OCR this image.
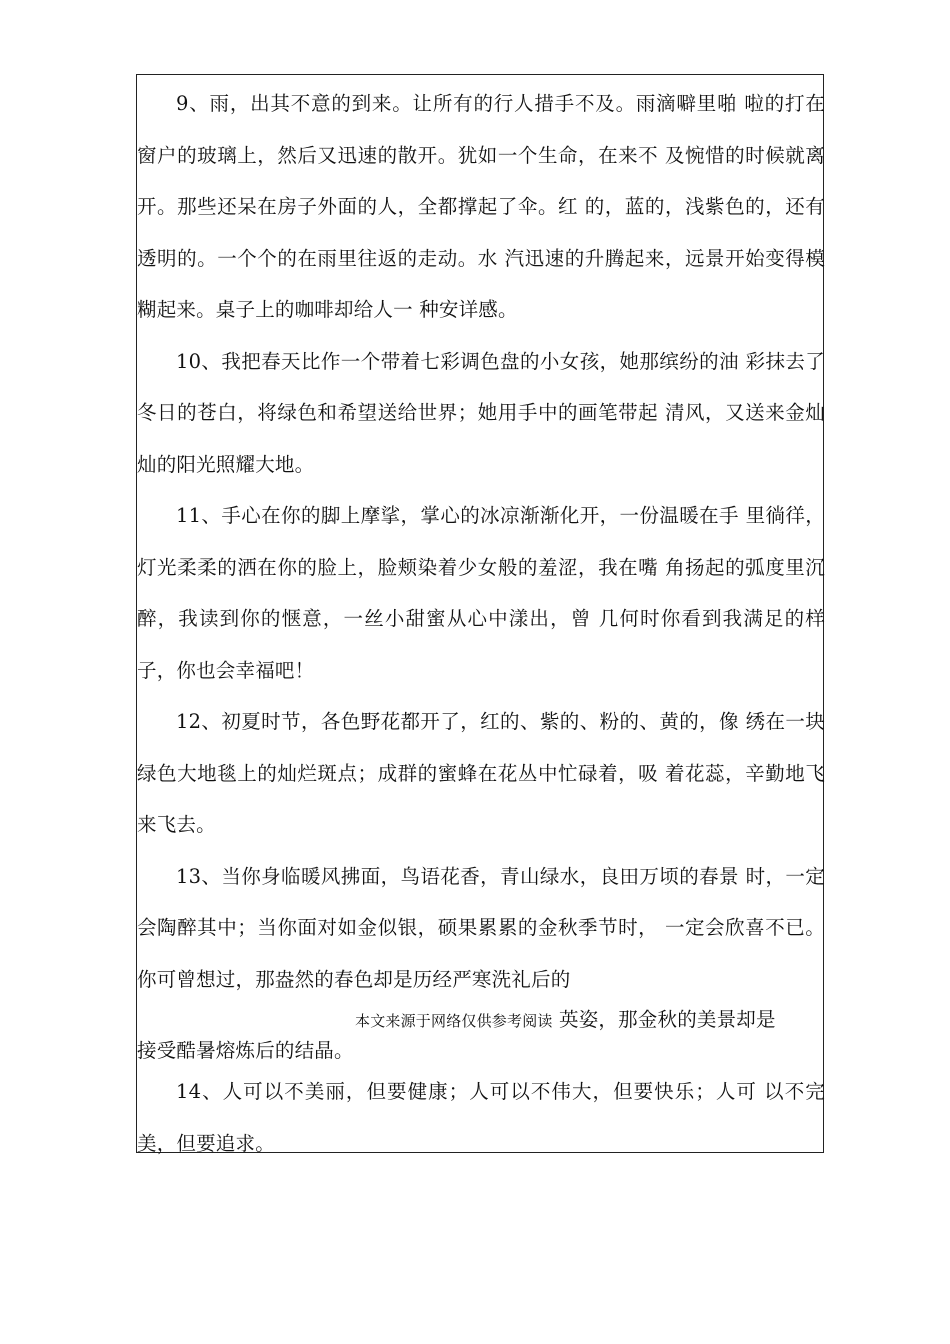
9、雨，出其不意的到来。让所有的行人措手不及。雨滴噼里啪 啦的打在窗户的玻璃上，然后又迅速的散开。犹如一个生命，在来不 及惋惜的时候就离开。那些还呆在房子外面的人，全都撑起了伞。红 的，蓝的，浅紫色的，还有透明的。一个个的在雨里往返的走动。水 汽迅速的升腾起来，远景开始变得模糊起来。桌子上的咖啡却给人一 种安详感。

10、我把春天比作一个带着七彩调色盘的小女孩，她那缤纷的油 彩抹去了冬日的苍白，将绿色和希望送给世界；她用手中的画笔带起 清风，又送来金灿灿的阳光照耀大地。

11、手心在你的脚上摩挲，掌心的冰凉渐渐化开，一份温暖在手 里徜徉，灯光柔柔的洒在你的脸上，脸颊染着少女般的羞涩，我在嘴 角扬起的弧度里沉醉，我读到你的惬意，一丝小甜蜜从心中漾出，曾 几何时你看到我满足的样子，你也会幸福吧！

12、初夏时节，各色野花都开了，红的、紫的、粉的、黄的，像 绣在一块绿色大地毯上的灿烂斑点；成群的蜜蜂在花丛中忙碌着，吸 着花蕊，辛勤地飞来飞去。

13、当你身临暖风拂面，鸟语花香，青山绿水，良田万顷的春景 时，一定会陶醉其中；当你面对如金似银，硕果累累的金秋季节时， 一定会欣喜不已。你可曾想过，那盎然的春色却是历经严寒洗礼后的

本文来源于网络仅供参考阅读 英姿，那金秋的美景却是

接受酷暑熔炼后的结晶。

14、人可以不美丽，但要健康；人可以不伟大，但要快乐；人可 以不完美，但要追求。
